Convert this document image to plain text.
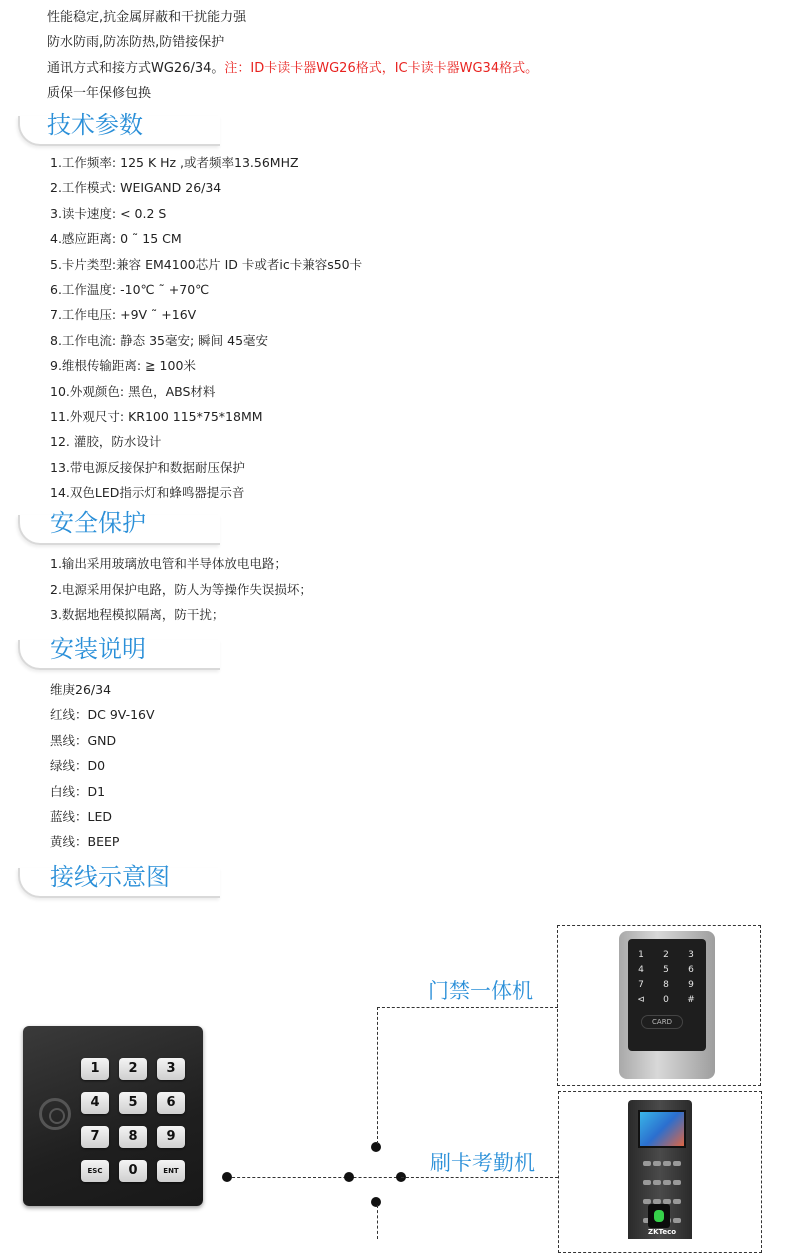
性能稳定,抗金属屏蔽和干扰能力强
防水防雨,防冻防热,防错接保护
通讯方式和接方式WG26/34。注：ID卡读卡器WG26格式，IC卡读卡器WG34格式。
质保一年保修包换
技术参数
1.工作频率: 125 K Hz ,或者频率13.56MHZ
2.工作模式: WEIGAND 26/34
3.读卡速度: < 0.2 S
4.感应距离: 0 ˜ 15 CM
5.卡片类型:兼容 EM4100芯片 ID 卡或者ic卡兼容s50卡
6.工作温度: -10℃ ˜ +70℃
7.工作电压: +9V ˜ +16V
8.工作电流: 静态 35毫安; 瞬间 45毫安
9.维根传输距离: ≧ 100米
10.外观颜色: 黑色，ABS材料
11.外观尺寸: KR100 115*75*18MM
12. 灌胶，防水设计
13.带电源反接保护和数据耐压保护
14.双色LED指示灯和蜂鸣器提示音
安全保护
1.输出采用玻璃放电管和半导体放电电路；
2.电源采用保护电路，防人为等操作失误损坏；
3.数据地程模拟隔离，防干扰；
安装说明
维庚26/34
红线：DC 9V-16V
黑线：GND
绿线：D0
白线：D1
蓝线：LED
黄线：BEEP
接线示意图
1	2	3
4	5	6
7	8	9
ESC	0	ENT
门禁一体机
刷卡考勤机
1	2	3
4	5	6
7	8	9
⊲	0	#
CARD
ZKTeco
